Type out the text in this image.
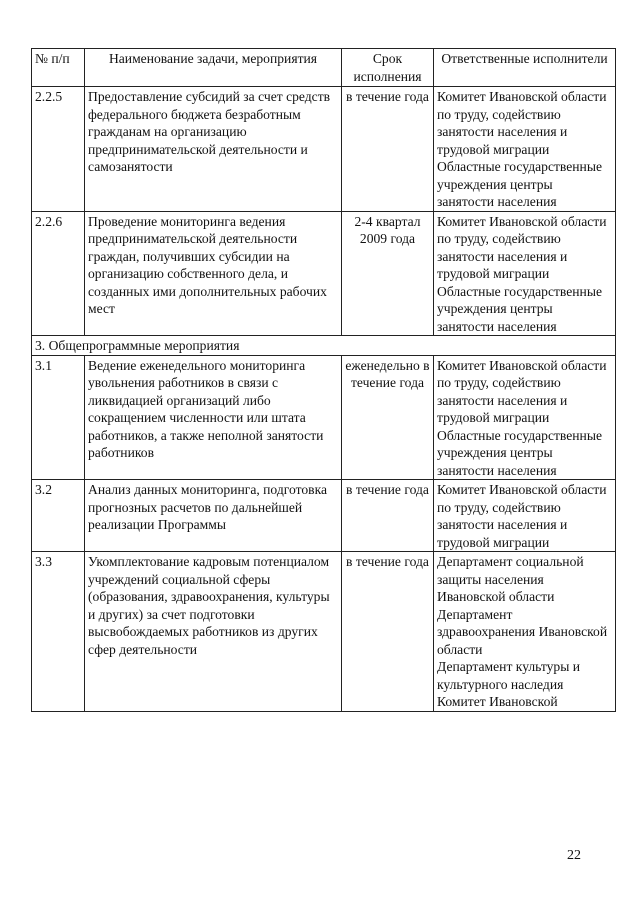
№ п/п	Наименование задачи, мероприятия	Срок исполнения	Ответственные исполнители
2.2.5	Предоставление субсидий за счет средств федерального бюджета безработным гражданам на организацию предпринимательской деятельности и самозанятости	в течение года	Комитет Ивановской области по труду, содействию занятости населения и трудовой миграции
Областные государственные учреждения центры занятости населения
2.2.6	Проведение мониторинга ведения предпринимательской деятельности граждан, получивших субсидии на организацию собственного дела, и созданных ими дополнительных рабочих мест	2-4 квартал 2009 года	Комитет Ивановской области по труду, содействию занятости населения и трудовой миграции
Областные государственные учреждения центры занятости населения
3. Общепрограммные мероприятия			
3.1	Ведение еженедельного мониторинга увольнения работников в связи с ликвидацией организаций либо сокращением численности или штата работников, а также неполной занятости работников	еженедельно в течение года	Комитет Ивановской области по труду, содействию занятости населения и трудовой миграции
Областные государственные учреждения центры занятости населения
3.2	Анализ данных мониторинга, подготовка прогнозных расчетов по дальнейшей реализации Программы	в течение года	Комитет Ивановской области по труду, содействию занятости населения и трудовой миграции
3.3	Укомплектование кадровым потенциалом учреждений социальной сферы (образования, здравоохранения, культуры и других) за счет подготовки высвобождаемых работников из других сфер деятельности	в течение года	Департамент социальной защиты населения Ивановской области
Департамент здравоохранения Ивановской области
Департамент культуры и культурного наследия
Комитет Ивановской
22
